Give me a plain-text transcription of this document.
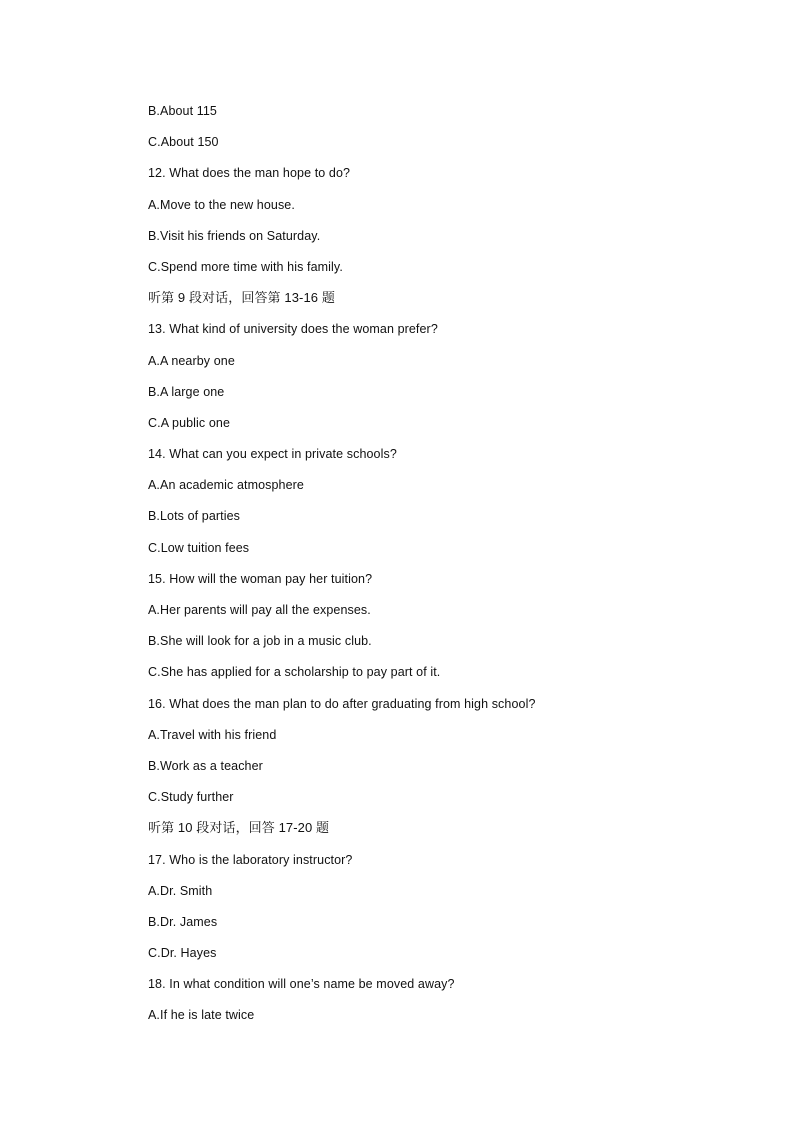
B.About 115
C.About 150
12. What does the man hope to do?
A.Move to the new house.
B.Visit his friends on Saturday.
C.Spend more time with his family.
听第 9 段对话，回答第 13-16 题
13. What kind of university does the woman prefer?
A.A nearby one
B.A large one
C.A public one
14. What can you expect in private schools?
A.An academic atmosphere
B.Lots of parties
C.Low tuition fees
15. How will the woman pay her tuition?
A.Her parents will pay all the expenses.
B.She will look for a job in a music club.
C.She has applied for a scholarship to pay part of it.
16. What does the man plan to do after graduating from high school?
A.Travel with his friend
B.Work as a teacher
C.Study further
听第 10 段对话，回答 17-20 题
17. Who is the laboratory instructor?
A.Dr. Smith
B.Dr. James
C.Dr. Hayes
18. In what condition will one’s name be moved away?
A.If he is late twice
